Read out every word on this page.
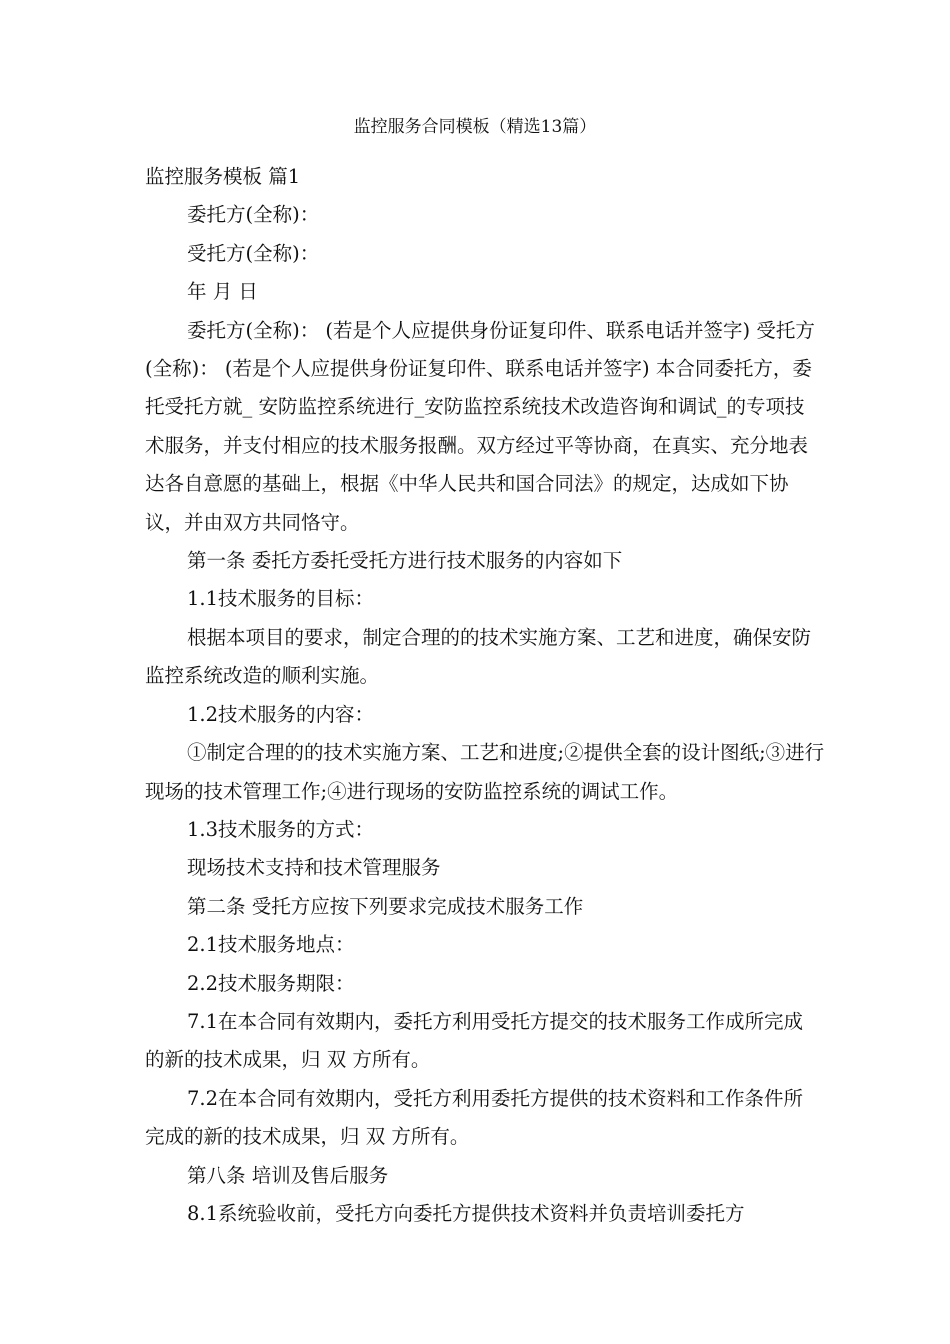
监控服务合同模板（精选13篇）

监控服务模板 篇1

委托方(全称)：

受托方(全称)：

年 月 日

委托方(全称)： (若是个人应提供身份证复印件、联系电话并签字) 受托方(全称)： (若是个人应提供身份证复印件、联系电话并签字) 本合同委托方，委托受托方就_ 安防监控系统进行_安防监控系统技术改造咨询和调试_的专项技术服务，并支付相应的技术服务报酬。双方经过平等协商，在真实、充分地表达各自意愿的基础上，根据《中华人民共和国合同法》的规定，达成如下协议，并由双方共同恪守。

第一条 委托方委托受托方进行技术服务的内容如下

1.1技术服务的目标：

根据本项目的要求，制定合理的的技术实施方案、工艺和进度，确保安防监控系统改造的顺利实施。

1.2技术服务的内容：

①制定合理的的技术实施方案、工艺和进度;②提供全套的设计图纸;③进行现场的技术管理工作;④进行现场的安防监控系统的调试工作。

1.3技术服务的方式：

现场技术支持和技术管理服务

第二条 受托方应按下列要求完成技术服务工作

2.1技术服务地点：

2.2技术服务期限：

7.1在本合同有效期内，委托方利用受托方提交的技术服务工作成所完成的新的技术成果，归 双 方所有。

7.2在本合同有效期内，受托方利用委托方提供的技术资料和工作条件所完成的新的技术成果，归 双 方所有。

第八条 培训及售后服务

8.1系统验收前，受托方向委托方提供技术资料并负责培训委托方
